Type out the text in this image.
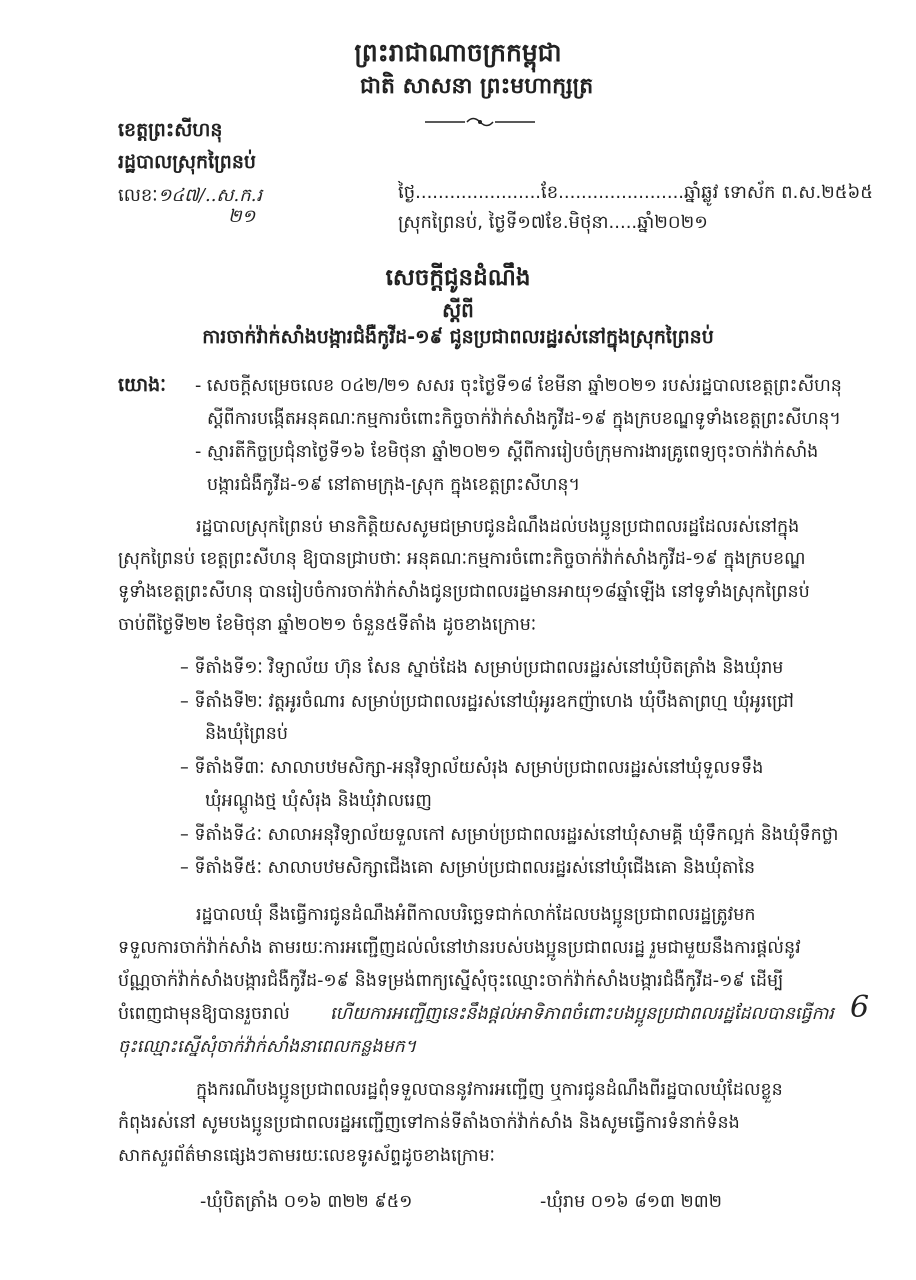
ព្រះរាជាណាចក្រកម្ពុជា
ជាតិ សាសនា ព្រះមហាក្សត្រ
ខេត្តព្រះសីហនុ
រដ្ឋបាលស្រុកព្រៃនប់
លេខៈ១៤៧/..ស.ក.រ
២១
ថ្ងៃ......................ខែ......................ឆ្នាំឆ្លូវ ទោស័ក ព.ស.២៥៦៥
ស្រុកព្រៃនប់, ថ្ងៃទី១៧ខែ.មិថុនា.....ឆ្នាំ២០២១
សេចក្ដីជូនដំណឹង
ស្ដីពី
ការចាក់វ៉ាក់សាំងបង្ការជំងឺកូវីដ-១៩ ជូនប្រជាពលរដ្ឋរស់នៅក្នុងស្រុកព្រៃនប់
យោងៈ - សេចក្ដីសម្រេចលេខ ០៤២/២១ សសរ ចុះថ្ងៃទី១៨ ខែមីនា ឆ្នាំ២០២១ របស់រដ្ឋបាលខេត្តព្រះសីហនុ
ស្ដីពីការបង្កើតអនុគណៈកម្មការចំពោះកិច្ចចាក់វ៉ាក់សាំងកូវីដ-១៩ ក្នុងក្របខណ្ឌទូទាំងខេត្តព្រះសីហនុ។
- ស្មារតីកិច្ចប្រជុំនាថ្ងៃទី១៦ ខែមិថុនា ឆ្នាំ២០២១ ស្ដីពីការរៀបចំក្រុមការងារគ្រូពេទ្យចុះចាក់វ៉ាក់សាំង
បង្ការជំងឺកូវីដ-១៩ នៅតាមក្រុង-ស្រុក ក្នុងខេត្តព្រះសីហនុ។
រដ្ឋបាលស្រុកព្រៃនប់ មានកិត្តិយសសូមជម្រាបជូនដំណឹងដល់បងប្អូនប្រជាពលរដ្ឋដែលរស់នៅក្នុង
ស្រុកព្រៃនប់ ខេត្តព្រះសីហនុ ឱ្យបានជ្រាបថាៈ អនុគណៈកម្មការចំពោះកិច្ចចាក់វ៉ាក់សាំងកូវីដ-១៩ ក្នុងក្របខណ្ឌ
ទូទាំងខេត្តព្រះសីហនុ បានរៀបចំការចាក់វ៉ាក់សាំងជូនប្រជាពលរដ្ឋមានអាយុ១៨ឆ្នាំឡើង នៅទូទាំងស្រុកព្រៃនប់
ចាប់ពីថ្ងៃទី២២ ខែមិថុនា ឆ្នាំ២០២១ ចំនួន៥ទីតាំង ដូចខាងក្រោមៈ
– ទីតាំងទី១ៈ វិទ្យាល័យ ហ៊ុន សែន ស្នាច់ដែង សម្រាប់ប្រជាពលរដ្ឋរស់នៅឃុំបិតត្រាំង និងឃុំរាម
– ទីតាំងទី២ៈ វត្តអូរចំណារ សម្រាប់ប្រជាពលរដ្ឋរស់នៅឃុំអូរឧកញ៉ាហេង ឃុំបឹងតាព្រហ្ម ឃុំអូរជ្រៅ
និងឃុំព្រៃនប់
– ទីតាំងទី៣ៈ សាលាបឋមសិក្សា-អនុវិទ្យាល័យសំរុង សម្រាប់ប្រជាពលរដ្ឋរស់នៅឃុំទួលទទឹង
ឃុំអណ្ដូងថ្ម ឃុំសំរុង និងឃុំវាលរេញ
– ទីតាំងទី៤ៈ សាលាអនុវិទ្យាល័យទួលកៅ សម្រាប់ប្រជាពលរដ្ឋរស់នៅឃុំសាមគ្គី ឃុំទឹកល្អក់ និងឃុំទឹកថ្លា
– ទីតាំងទី៥ៈ សាលាបឋមសិក្សាជើងគោ សម្រាប់ប្រជាពលរដ្ឋរស់នៅឃុំជើងគោ និងឃុំតានៃ
រដ្ឋបាលឃុំ នឹងធ្វើការជូនដំណឹងអំពីកាលបរិច្ឆេទជាក់លាក់ដែលបងប្អូនប្រជាពលរដ្ឋត្រូវមក
ទទួលការចាក់វ៉ាក់សាំង តាមរយៈការអញ្ជើញដល់លំនៅឋានរបស់បងប្អូនប្រជាពលរដ្ឋ រួមជាមួយនឹងការផ្ដល់នូវ
ប័ណ្ណចាក់វ៉ាក់សាំងបង្ការជំងឺកូវីដ-១៩ និងទម្រង់ពាក្យស្នើសុំចុះឈ្មោះចាក់វ៉ាក់សាំងបង្ការជំងឺកូវីដ-១៩ ដើម្បី
បំពេញជាមុនឱ្យបានរួចរាល់ ហើយការអញ្ជើញនេះនឹងផ្ដល់អាទិភាពចំពោះបងប្អូនប្រជាពលរដ្ឋដែលបានធ្វើការ
ចុះឈ្មោះស្នើសុំចាក់វ៉ាក់សាំងនាពេលកន្លងមក។
6
ក្នុងករណីបងប្អូនប្រជាពលរដ្ឋពុំទទួលបាននូវការអញ្ជើញ ឬការជូនដំណឹងពីរដ្ឋបាលឃុំដែលខ្លួន
កំពុងរស់នៅ សូមបងប្អូនប្រជាពលរដ្ឋអញ្ជើញទៅកាន់ទីតាំងចាក់វ៉ាក់សាំង និងសូមធ្វើការទំនាក់ទំនង
សាកសួរព័ត៌មានផ្សេងៗតាមរយៈលេខទូរស័ព្ទដូចខាងក្រោមៈ
-ឃុំបិតត្រាំង ០១៦ ៣២២ ៩៥១	-ឃុំរាម ០១៦ ៨១៣ ២៣២
